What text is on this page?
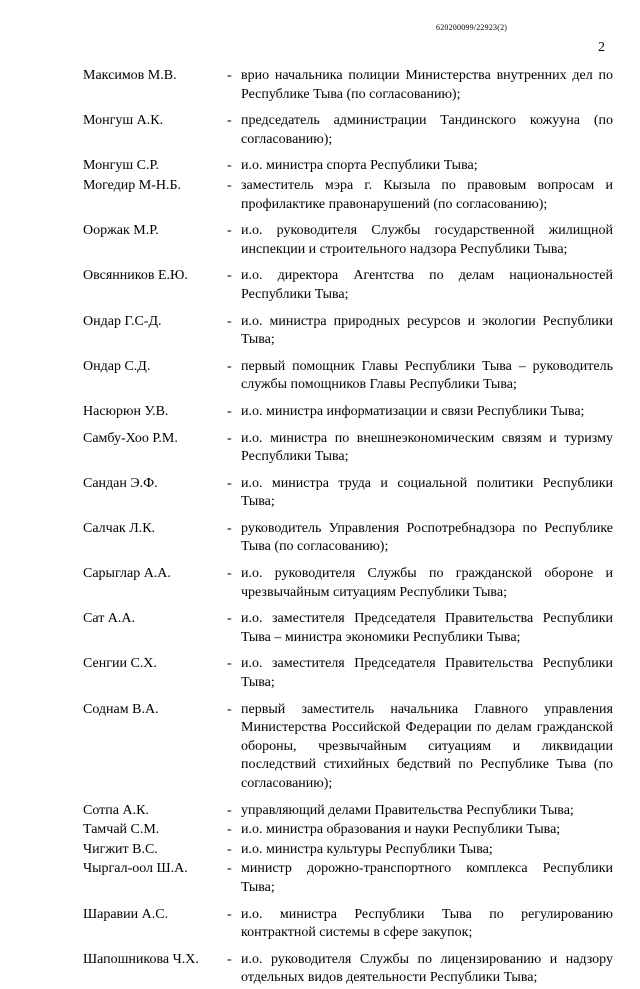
620200099/22923(2)
2
Максимов М.В.	- врио начальника полиции Министерства внутренних дел по Республике Тыва (по согласованию);
Монгуш А.К.	- председатель администрации Тандинского кожууна (по согласованию);
Монгуш С.Р.	- и.о. министра спорта Республики Тыва;
Могедир М-Н.Б.	- заместитель мэра г. Кызыла по правовым вопросам и профилактике правонарушений (по согласованию);
Ооржак М.Р.	- и.о. руководителя Службы государственной жилищной инспекции и строительного надзора Республики Тыва;
Овсянников Е.Ю.	- и.о. директора Агентства по делам национальностей Республики Тыва;
Ондар Г.С-Д.	- и.о. министра природных ресурсов и экологии Республики Тыва;
Ондар С.Д.	- первый помощник Главы Республики Тыва – руководитель службы помощников Главы Республики Тыва;
Насюрюн У.В.	- и.о. министра информатизации и связи Республики Тыва;
Самбу-Хоо Р.М.	- и.о. министра по внешнеэкономическим связям и туризму Республики Тыва;
Сандан Э.Ф.	- и.о. министра труда и социальной политики Республики Тыва;
Салчак Л.К.	- руководитель Управления Роспотребнадзора по Республике Тыва (по согласованию);
Сарыглар А.А.	- и.о. руководителя Службы по гражданской обороне и чрезвычайным ситуациям Республики Тыва;
Сат А.А.	- и.о. заместителя Председателя Правительства Республики Тыва – министра экономики Республики Тыва;
Сенгии С.Х.	- и.о. заместителя Председателя Правительства Республики Тыва;
Соднам В.А.	- первый заместитель начальника Главного управления Министерства Российской Федерации по делам гражданской обороны, чрезвычайным ситуациям и ликвидации последствий стихийных бедствий по Республике Тыва (по согласованию);
Сотпа А.К.	- управляющий делами Правительства Республики Тыва;
Тамчай С.М.	- и.о. министра образования и науки Республики Тыва;
Чигжит В.С.	- и.о. министра культуры Республики Тыва;
Чыргал-оол Ш.А.	- министр дорожно-транспортного комплекса Республики Тыва;
Шаравии А.С.	- и.о. министра Республики Тыва по регулированию контрактной системы в сфере закупок;
Шапошникова Ч.Х.	- и.о. руководителя Службы по лицензированию и надзору отдельных видов деятельности Республики Тыва;
